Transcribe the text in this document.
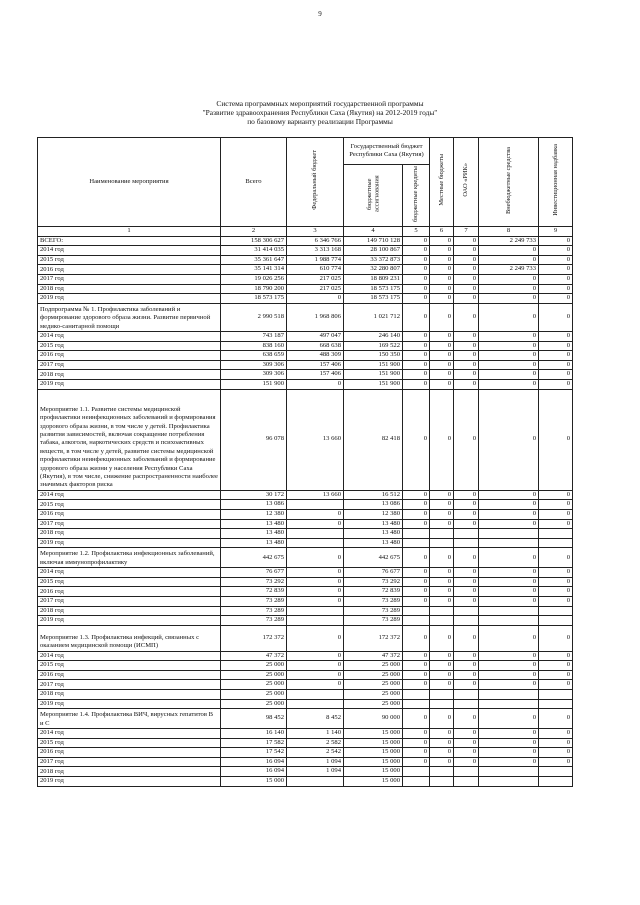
9
Система программных мероприятий государственной программы
"Развитие здравоохранения Республики Саха (Якутия) на 2012-2019 годы"
по базовому варианту реализации Программы
Наименование мероприятия	Всего	Федеральный бюджет	Государственный бюджет Республики Саха (Якутия)		Местные бюджеты	ОАО «РИК»	Внебюджетные средства	Инвестиционная надбавка
			бюджетные ассигнования	бюджетные кредиты				
1	2	3	4	5	6	7	8	9
ВСЕГО:	158 306 627	6 346 766	149 710 128	0	0	0	2 249 733	0
2014 год	31 414 035	3 313 168	28 100 867	0	0	0	0	0
2015 год	35 361 647	1 988 774	33 372 873	0	0	0	0	0
2016 год	35 141 314	610 774	32 280 807	0	0	0	2 249 733	0
2017 год	19 026 256	217 025	18 809 231	0	0	0	0	0
2018 год	18 790 200	217 025	18 573 175	0	0	0	0	0
2019 год	18 573 175	0	18 573 175	0	0	0	0	0
Подпрограмма № 1. Профилактика заболеваний и формирование здорового образа жизни. Развитие первичной медико-санитарной помощи	2 990 518	1 968 806	1 021 712	0	0	0	0	0
2014 год	743 187	497 047	246 140	0	0	0	0	0
2015 год	838 160	668 638	169 522	0	0	0	0	0
2016 год	638 659	488 309	150 350	0	0	0	0	0
2017 год	309 306	157 406	151 900	0	0	0	0	0
2018 год	309 306	157 406	151 900	0	0	0	0	0
2019 год	151 900	0	151 900	0	0	0	0	0
Мероприятие 1.1. Развитие системы медицинской профилактики неинфекционных заболеваний и формирования здорового образа жизни, в том числе у детей. Профилактика развития зависимостей, включая сокращение потребления табака, алкоголя, наркотических средств и психоактивных веществ, в том числе у детей, развитие системы медицинской профилактики неинфекционных заболеваний и формирование здорового образа жизни у населения Республики Саха (Якутия), в том числе, снижение распространенности наиболее значимых факторов риска	96 078	13 660	82 418	0	0	0	0	0
2014 год	30 172	13 660	16 512	0	0	0	0	0
2015 год	13 086		13 086	0	0	0	0	0
2016 год	12 380	0	12 380	0	0	0	0	0
2017 год	13 480	0	13 480	0	0	0	0	0
2018 год	13 480		13 480					
2019 год	13 480		13 480					
Мероприятие 1.2. Профилактика инфекционных заболеваний, включая иммунопрофилактику	442 675	0	442 675	0	0	0	0	0
2014 год	76 677	0	76 677	0	0	0	0	0
2015 год	73 292	0	73 292	0	0	0	0	0
2016 год	72 839	0	72 839	0	0	0	0	0
2017 год	73 289	0	73 289	0	0	0	0	0
2018 год	73 289		73 289					
2019 год	73 289		73 289					
Мероприятие 1.3. Профилактика инфекций, связанных с оказанием медицинской помощи (ИСМП)	172 372	0	172 372	0	0	0	0	0
2014 год	47 372	0	47 372	0	0	0	0	0
2015 год	25 000	0	25 000	0	0	0	0	0
2016 год	25 000	0	25 000	0	0	0	0	0
2017 год	25 000	0	25 000	0	0	0	0	0
2018 год	25 000		25 000					
2019 год	25 000		25 000					
Мероприятие 1.4. Профилактика ВИЧ, вирусных гепатитов В и С	98 452	8 452	90 000	0	0	0	0	0
2014 год	16 140	1 140	15 000	0	0	0	0	0
2015 год	17 582	2 582	15 000	0	0	0	0	0
2016 год	17 542	2 542	15 000	0	0	0	0	0
2017 год	16 094	1 094	15 000	0	0	0	0	0
2018 год	16 094	1 094	15 000					
2019 год	15 000		15 000					
